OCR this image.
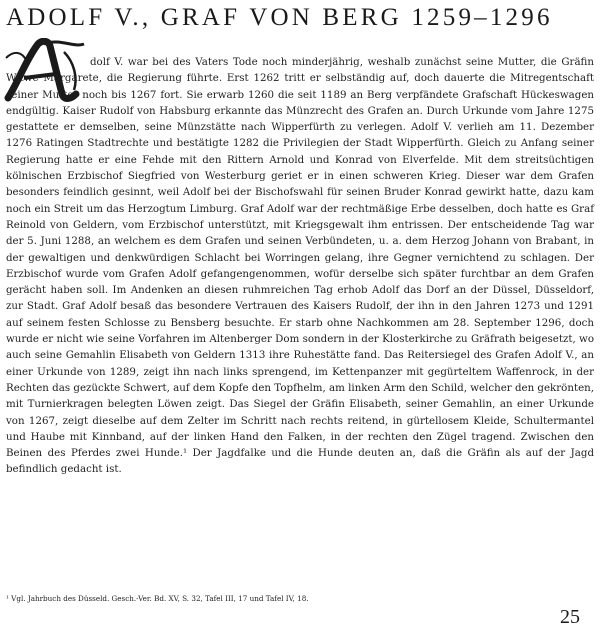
ADOLF V., GRAF VON BERG 1259–1296
dolf V. war bei des Vaters Tode noch minderjährig, weshalb zunächst seine Mutter, die Gräfin Witwe Margarete, die Regierung führte. Erst 1262 tritt er selbständig auf, doch dauerte die Mitregentschaft seiner Mutter noch bis 1267 fort. Sie erwarb 1260 die seit 1189 an Berg verpfändete Grafschaft Hückeswagen endgültig. Kaiser Rudolf von Habsburg erkannte das Münzrecht des Grafen an. Durch Urkunde vom Jahre 1275 gestattete er demselben, seine Münzstätte nach Wipperfürth zu verlegen. Adolf V. verlieh am 11. Dezember 1276 Ratingen Stadtrechte und bestätigte 1282 die Privilegien der Stadt Wipperfürth. Gleich zu Anfang seiner Regierung hatte er eine Fehde mit den Rittern Arnold und Konrad von Elverfelde. Mit dem streitsüchtigen kölnischen Erzbischof Siegfried von Westerburg geriet er in einen schweren Krieg. Dieser war dem Grafen besonders feindlich gesinnt, weil Adolf bei der Bischofswahl für seinen Bruder Konrad gewirkt hatte, dazu kam noch ein Streit um das Herzogtum Limburg. Graf Adolf war der rechtmäßige Erbe desselben, doch hatte es Graf Reinold von Geldern, vom Erzbischof unterstützt, mit Kriegsgewalt ihm entrissen. Der entscheidende Tag war der 5. Juni 1288, an welchem es dem Grafen und seinen Verbündeten, u. a. dem Herzog Johann von Brabant, in der gewaltigen und denkwürdigen Schlacht bei Worringen gelang, ihre Gegner vernichtend zu schlagen. Der Erzbischof wurde vom Grafen Adolf gefangengenommen, wofür derselbe sich später furchtbar an dem Grafen gerächt haben soll. Im Andenken an diesen ruhmreichen Tag erhob Adolf das Dorf an der Düssel, Düsseldorf, zur Stadt. Graf Adolf besaß das besondere Vertrauen des Kaisers Rudolf, der ihn in den Jahren 1273 und 1291 auf seinem festen Schlosse zu Bensberg besuchte. Er starb ohne Nachkommen am 28. September 1296, doch wurde er nicht wie seine Vorfahren im Altenberger Dom sondern in der Klosterkirche zu Gräfrath beigesetzt, wo auch seine Gemahlin Elisabeth von Geldern 1313 ihre Ruhestätte fand. Das Reitersiegel des Grafen Adolf V., an einer Urkunde von 1289, zeigt ihn nach links sprengend, im Kettenpanzer mit gegürteltem Waffenrock, in der Rechten das gezückte Schwert, auf dem Kopfe den Topfhelm, am linken Arm den Schild, welcher den gekrönten, mit Turnierkragen belegten Löwen zeigt. Das Siegel der Gräfin Elisabeth, seiner Gemahlin, an einer Urkunde von 1267, zeigt dieselbe auf dem Zelter im Schritt nach rechts reitend, in gürtellosem Kleide, Schultermantel und Haube mit Kinnband, auf der linken Hand den Falken, in der rechten den Zügel tragend. Zwischen den Beinen des Pferdes zwei Hunde.¹ Der Jagdfalke und die Hunde deuten an, daß die Gräfin als auf der Jagd befindlich gedacht ist.
¹ Vgl. Jahrbuch des Düsseld. Gesch.-Ver. Bd. XV, S. 32, Tafel III, 17 und Tafel IV, 18.
25
